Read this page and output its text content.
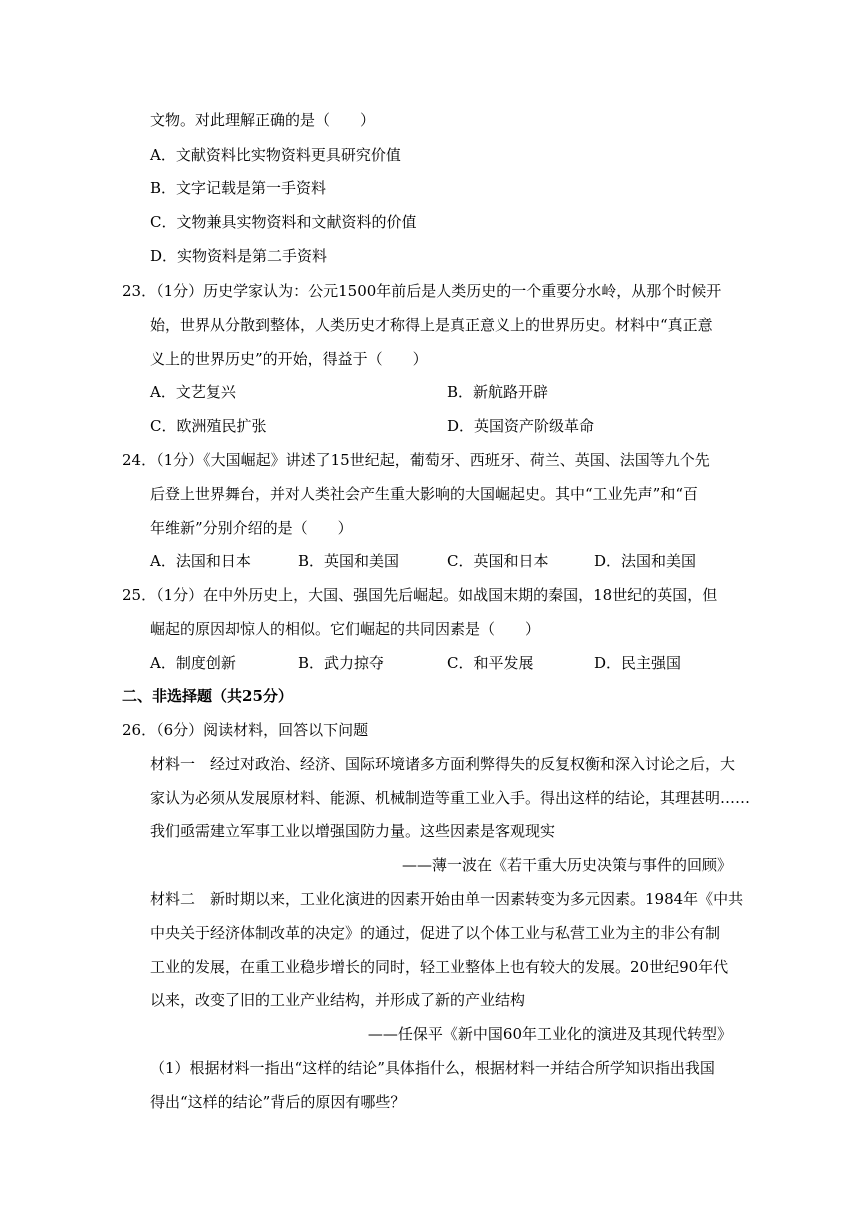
文物。对此理解正确的是（　　）
A．文献资料比实物资料更具研究价值
B．文字记载是第一手资料
C．文物兼具实物资料和文献资料的价值
D．实物资料是第二手资料
23．（1分）历史学家认为：公元1500年前后是人类历史的一个重要分水岭，从那个时候开
始，世界从分散到整体，人类历史才称得上是真正意义上的世界历史。材料中“真正意
义上的世界历史”的开始，得益于（　　）
A．文艺复兴	B．新航路开辟
C．欧洲殖民扩张	D．英国资产阶级革命
24．（1分）《大国崛起》讲述了15世纪起，葡萄牙、西班牙、荷兰、英国、法国等九个先
后登上世界舞台，并对人类社会产生重大影响的大国崛起史。其中“工业先声”和“百
年维新”分别介绍的是（　　）
A．法国和日本	B．英国和美国	C．英国和日本	D．法国和美国
25．（1分）在中外历史上，大国、强国先后崛起。如战国末期的秦国，18世纪的英国，但
崛起的原因却惊人的相似。它们崛起的共同因素是（　　）
A．制度创新	B．武力掠夺	C．和平发展	D．民主强国
二、非选择题（共25分）
26．（6分）阅读材料，回答以下问题
材料一　经过对政治、经济、国际环境诸多方面利弊得失的反复权衡和深入讨论之后，大
家认为必须从发展原材料、能源、机械制造等重工业入手。得出这样的结论，其理甚明……
我们亟需建立军事工业以增强国防力量。这些因素是客观现实
——薄一波在《若干重大历史决策与事件的回顾》
材料二　新时期以来，工业化演进的因素开始由单一因素转变为多元因素。1984年《中共
中央关于经济体制改革的决定》的通过，促进了以个体工业与私营工业为主的非公有制
工业的发展，在重工业稳步增长的同时，轻工业整体上也有较大的发展。20世纪90年代
以来，改变了旧的工业产业结构，并形成了新的产业结构
——任保平《新中国60年工业化的演进及其现代转型》
（1）根据材料一指出“这样的结论”具体指什么，根据材料一并结合所学知识指出我国
得出“这样的结论”背后的原因有哪些？
